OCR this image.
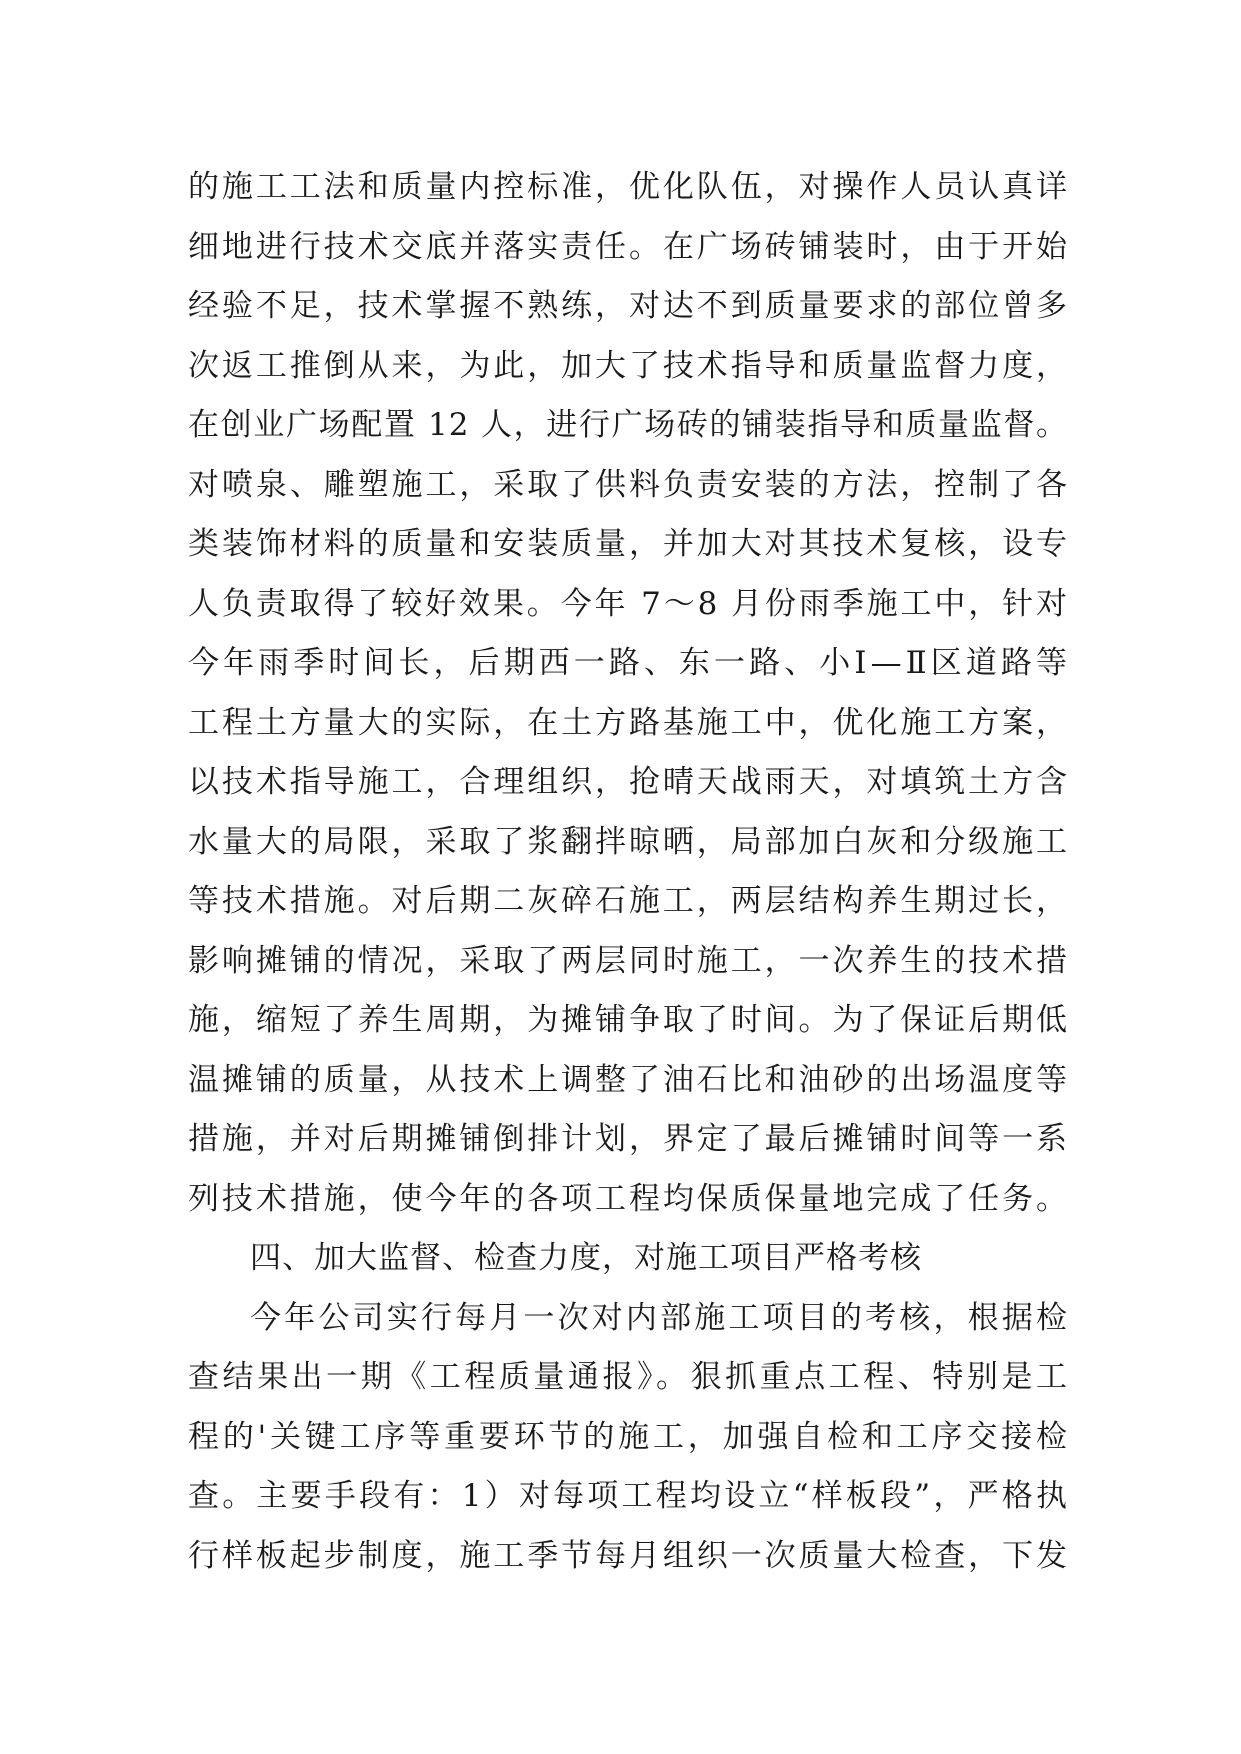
的施工工法和质量内控标准，优化队伍，对操作人员认真详
细地进行技术交底并落实责任。在广场砖铺装时，由于开始
经验不足，技术掌握不熟练，对达不到质量要求的部位曾多
次返工推倒从来，为此，加大了技术指导和质量监督力度，
在创业广场配置 12 人，进行广场砖的铺装指导和质量监督。
对喷泉、雕塑施工，采取了供料负责安装的方法，控制了各
类装饰材料的质量和安装质量，并加大对其技术复核，设专
人负责取得了较好效果。今年 7～8 月份雨季施工中，针对
今年雨季时间长，后期西一路、东一路、小Ⅰ—Ⅱ区道路等
工程土方量大的实际，在土方路基施工中，优化施工方案，
以技术指导施工，合理组织，抢晴天战雨天，对填筑土方含
水量大的局限，采取了浆翻拌晾晒，局部加白灰和分级施工
等技术措施。对后期二灰碎石施工，两层结构养生期过长，
影响摊铺的情况，采取了两层同时施工，一次养生的技术措
施，缩短了养生周期，为摊铺争取了时间。为了保证后期低
温摊铺的质量，从技术上调整了油石比和油砂的出场温度等
措施，并对后期摊铺倒排计划，界定了最后摊铺时间等一系
列技术措施，使今年的各项工程均保质保量地完成了任务。
四、加大监督、检查力度，对施工项目严格考核
今年公司实行每月一次对内部施工项目的考核，根据检
查结果出一期《工程质量通报》。狠抓重点工程、特别是工
程的'关键工序等重要环节的施工，加强自检和工序交接检
查。主要手段有：1）对每项工程均设立“样板段”，严格执
行样板起步制度，施工季节每月组织一次质量大检查，下发
